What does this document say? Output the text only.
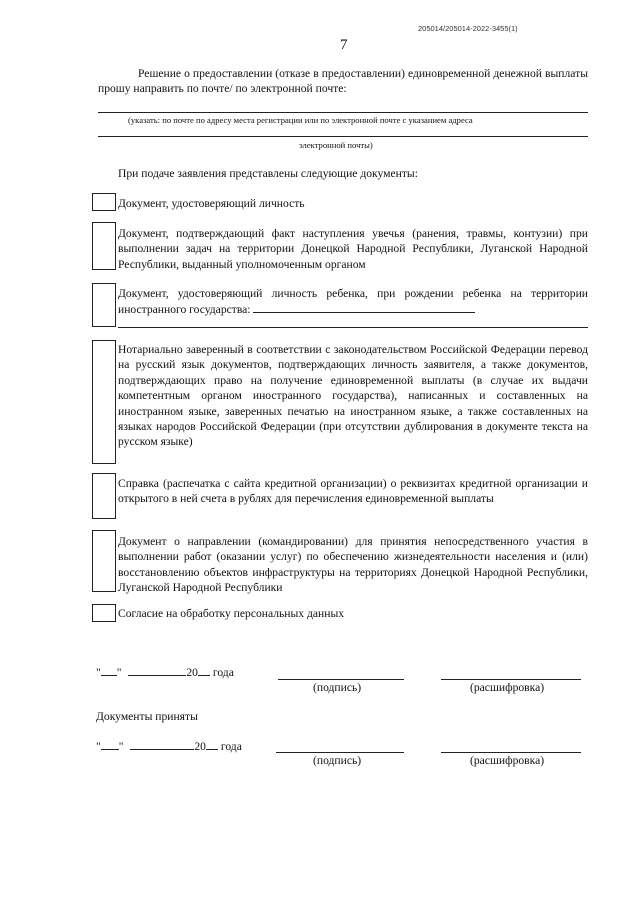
205014/205014-2022-3455(1)
7
Решение о предоставлении (отказе в предоставлении) единовременной денежной выплаты прошу направить по почте/ по электронной почте:
(указать: по почте по адресу места регистрации или по электронной почте с указанием адреса
электронной почты)
При подаче заявления представлены следующие документы:
Документ, удостоверяющий личность
Документ, подтверждающий факт наступления увечья (ранения, травмы, контузии) при выполнении задач на территории Донецкой Народной Республики, Луганской Народной Республики, выданный уполномоченным органом
Документ, удостоверяющий личность ребенка, при рождении ребенка на территории иностранного государства:
Нотариально заверенный в соответствии с законодательством Российской Федерации перевод на русский язык документов, подтверждающих личность заявителя, а также документов, подтверждающих право на получение единовременной выплаты (в случае их выдачи компетентным органом иностранного государства), написанных и составленных на иностранном языке, заверенных печатью на иностранном языке, а также составленных на языках народов Российской Федерации (при отсутствии дублирования в документе текста на русском языке)
Справка (распечатка с сайта кредитной организации) о реквизитах кредитной организации и открытого в ней счета в рублях для перечисления единовременной выплаты
Документ о направлении (командировании) для принятия непосредственного участия в выполнении работ (оказании услуг) по обеспечению жизнедеятельности населения и (или) восстановлению объектов инфраструктуры на территориях Донецкой Народной Республики, Луганской Народной Республики
Согласие на обработку персональных данных
" "	20 года
(подпись)	(расшифровка)
Документы приняты
" "	20 года
(подпись)	(расшифровка)
